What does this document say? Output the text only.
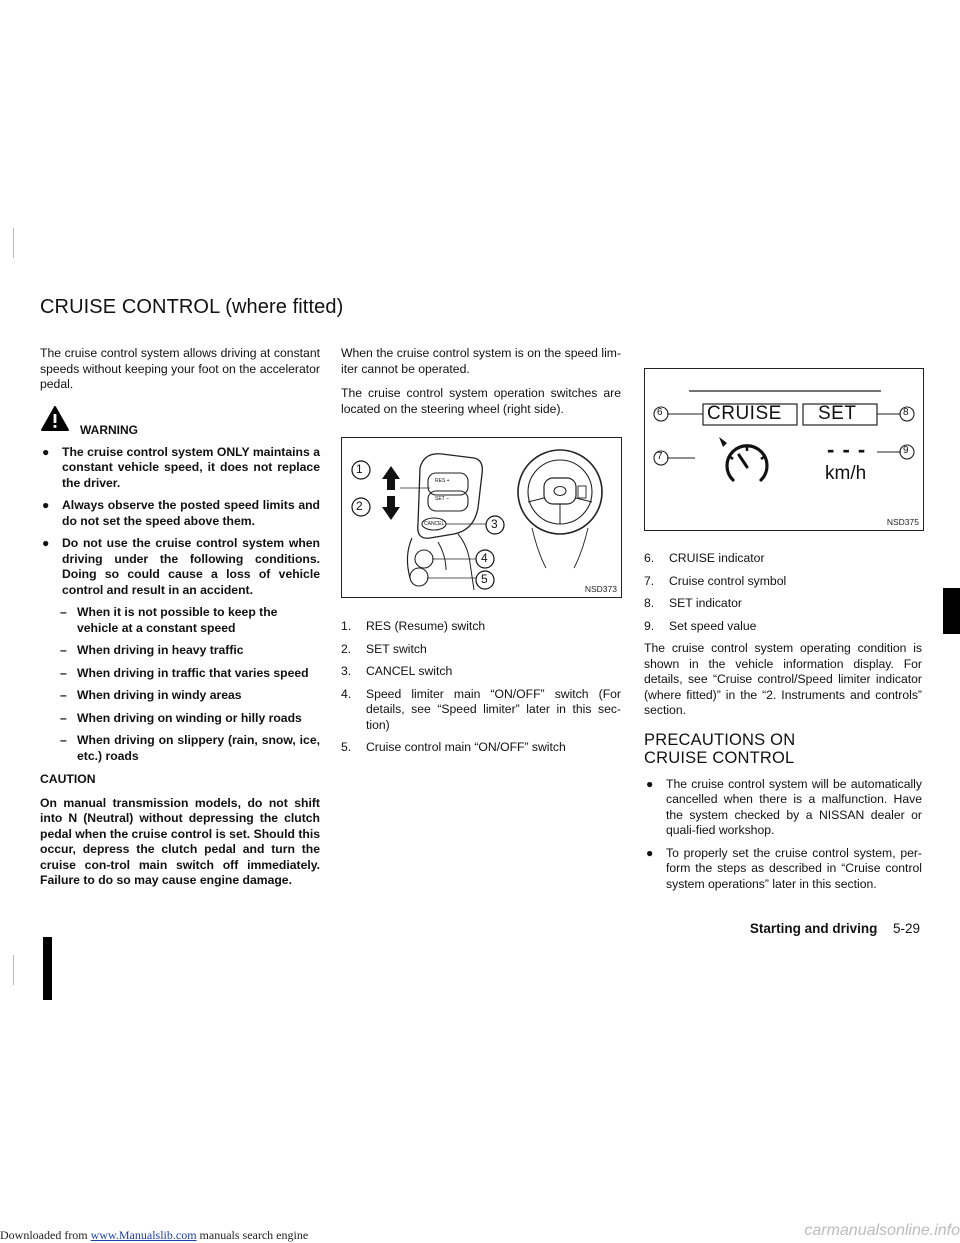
CRUISE CONTROL (where fitted)

The cruise control system allows driving at constant speeds without keeping your foot on the accelerator pedal.

WARNING
● The cruise control system ONLY maintains a constant vehicle speed, it does not replace the driver.
● Always observe the posted speed limits and do not set the speed above them.
● Do not use the cruise control system when driving under the following conditions. Doing so could cause a loss of vehicle control and result in an accident.
– When it is not possible to keep the vehicle at a constant speed
– When driving in heavy traffic
– When driving in traffic that varies speed
– When driving in windy areas
– When driving on winding or hilly roads
– When driving on slippery (rain, snow, ice, etc.) roads

CAUTION

On manual transmission models, do not shift into N (Neutral) without depressing the clutch pedal when the cruise control is set. Should this occur, depress the clutch pedal and turn the cruise con-trol main switch off immediately. Failure to do so may cause engine damage.

When the cruise control system is on the speed lim-iter cannot be operated.

The cruise control system operation switches are located on the steering wheel (right side).

1
2
3
4
5
RES +
SET –
CANCEL
NSD373
1. RES (Resume) switch
2. SET switch
3. CANCEL switch
4. Speed limiter main “ON/OFF” switch (For details, see “Speed limiter” later in this sec-tion)
5. Cruise control main “ON/OFF” switch
CRUISE SET
- - -
km/h
6
7
8
9
NSD375
6. CRUISE indicator
7. Cruise control symbol
8. SET indicator
9. Set speed value

The cruise control system operating condition is shown in the vehicle information display. For details, see “Cruise control/Speed limiter indicator (where fitted)” in the “2. Instruments and controls” section.

PRECAUTIONS ON CRUISE CONTROL

● The cruise control system will be automatically cancelled when there is a malfunction. Have the system checked by a NISSAN dealer or quali-fied workshop.
● To properly set the cruise control system, per-form the steps as described in “Cruise control system operations” later in this section.
Starting and driving 5-29
Downloaded from www.Manualslib.com manuals search engine	carmanualsonline.info
